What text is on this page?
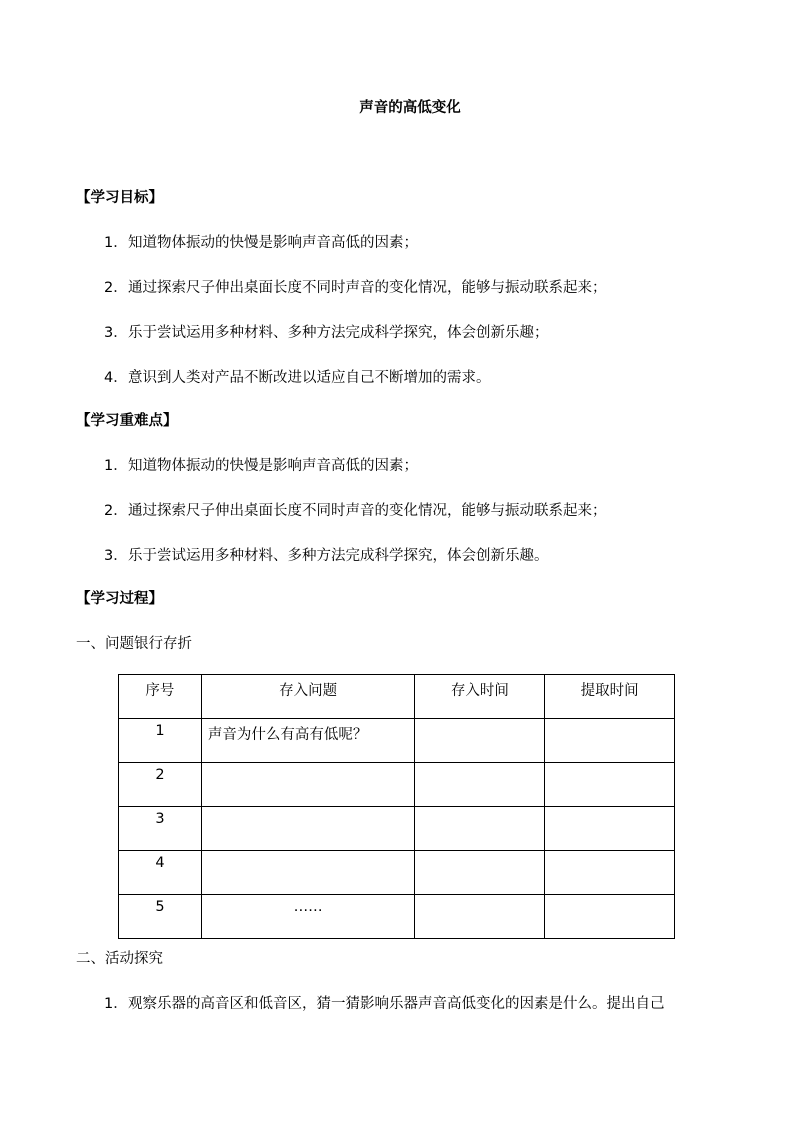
声音的高低变化
【学习目标】
1．知道物体振动的快慢是影响声音高低的因素；
2．通过探索尺子伸出桌面长度不同时声音的变化情况，能够与振动联系起来；
3．乐于尝试运用多种材料、多种方法完成科学探究，体会创新乐趣；
4．意识到人类对产品不断改进以适应自己不断增加的需求。
【学习重难点】
1．知道物体振动的快慢是影响声音高低的因素；
2．通过探索尺子伸出桌面长度不同时声音的变化情况，能够与振动联系起来；
3．乐于尝试运用多种材料、多种方法完成科学探究，体会创新乐趣。
【学习过程】
一、问题银行存折
序号	存入问题	存入时间	提取时间
1	声音为什么有高有低呢？		
2			
3			
4			
5	……		
二、活动探究
1．观察乐器的高音区和低音区，猜一猜影响乐器声音高低变化的因素是什么。提出自己
